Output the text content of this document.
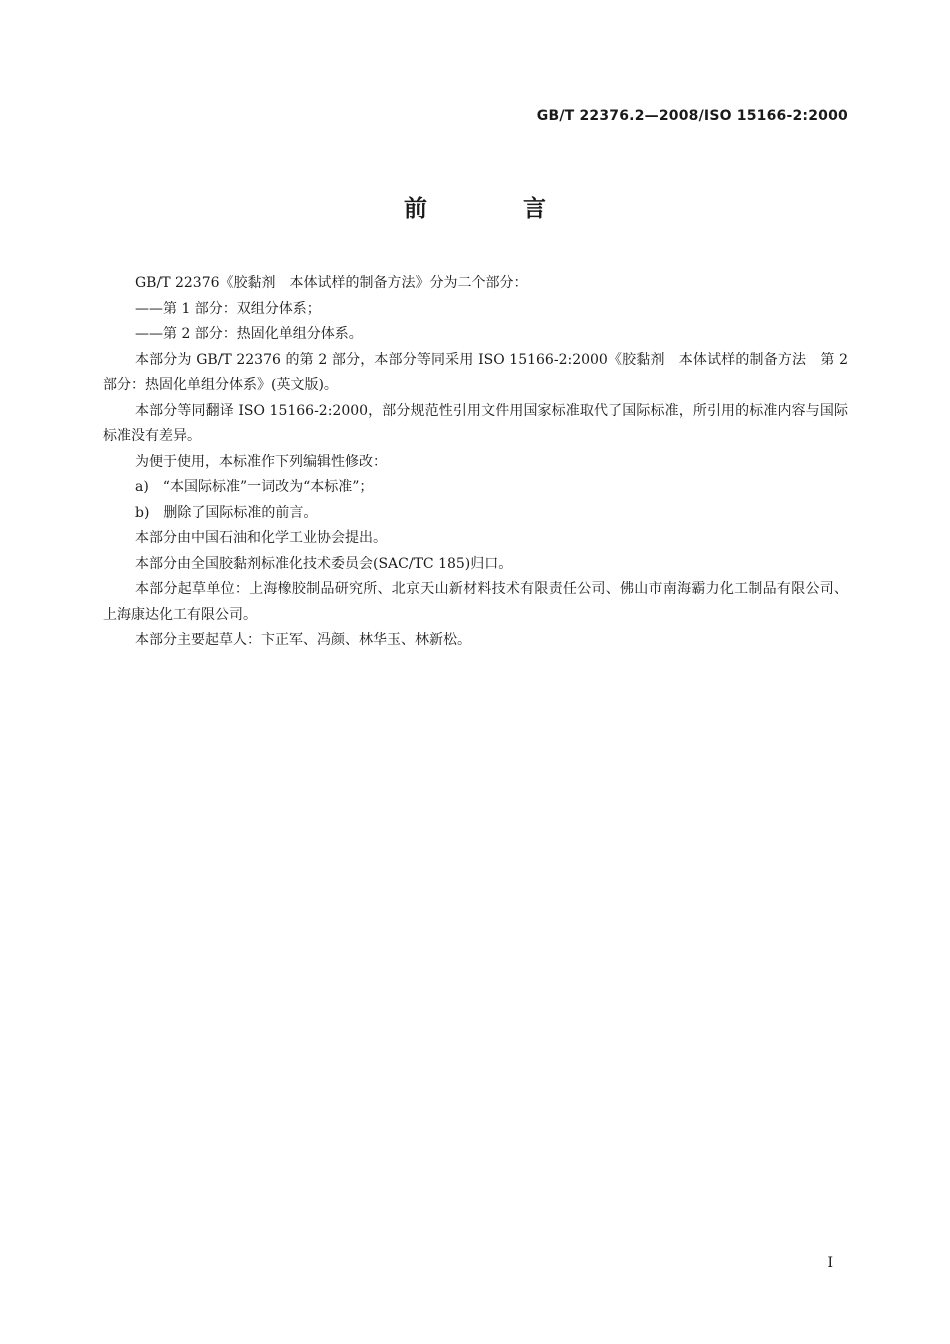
GB/T 22376.2—2008/ISO 15166-2:2000
前 言

GB/T 22376《胶黏剂　本体试样的制备方法》分为二个部分：

——第 1 部分：双组分体系；

——第 2 部分：热固化单组分体系。

本部分为 GB/T 22376 的第 2 部分，本部分等同采用 ISO 15166-2:2000《胶黏剂　本体试样的制备方法　第 2 部分：热固化单组分体系》(英文版)。

本部分等同翻译 ISO 15166-2:2000，部分规范性引用文件用国家标准取代了国际标准，所引用的标准内容与国际标准没有差异。

为便于使用，本标准作下列编辑性修改：

a)　“本国际标准”一词改为“本标准”；

b)　删除了国际标准的前言。

本部分由中国石油和化学工业协会提出。

本部分由全国胶黏剂标准化技术委员会(SAC/TC 185)归口。

本部分起草单位：上海橡胶制品研究所、北京天山新材料技术有限责任公司、佛山市南海霸力化工制品有限公司、上海康达化工有限公司。

本部分主要起草人：卞正军、冯颜、林华玉、林新松。

I
